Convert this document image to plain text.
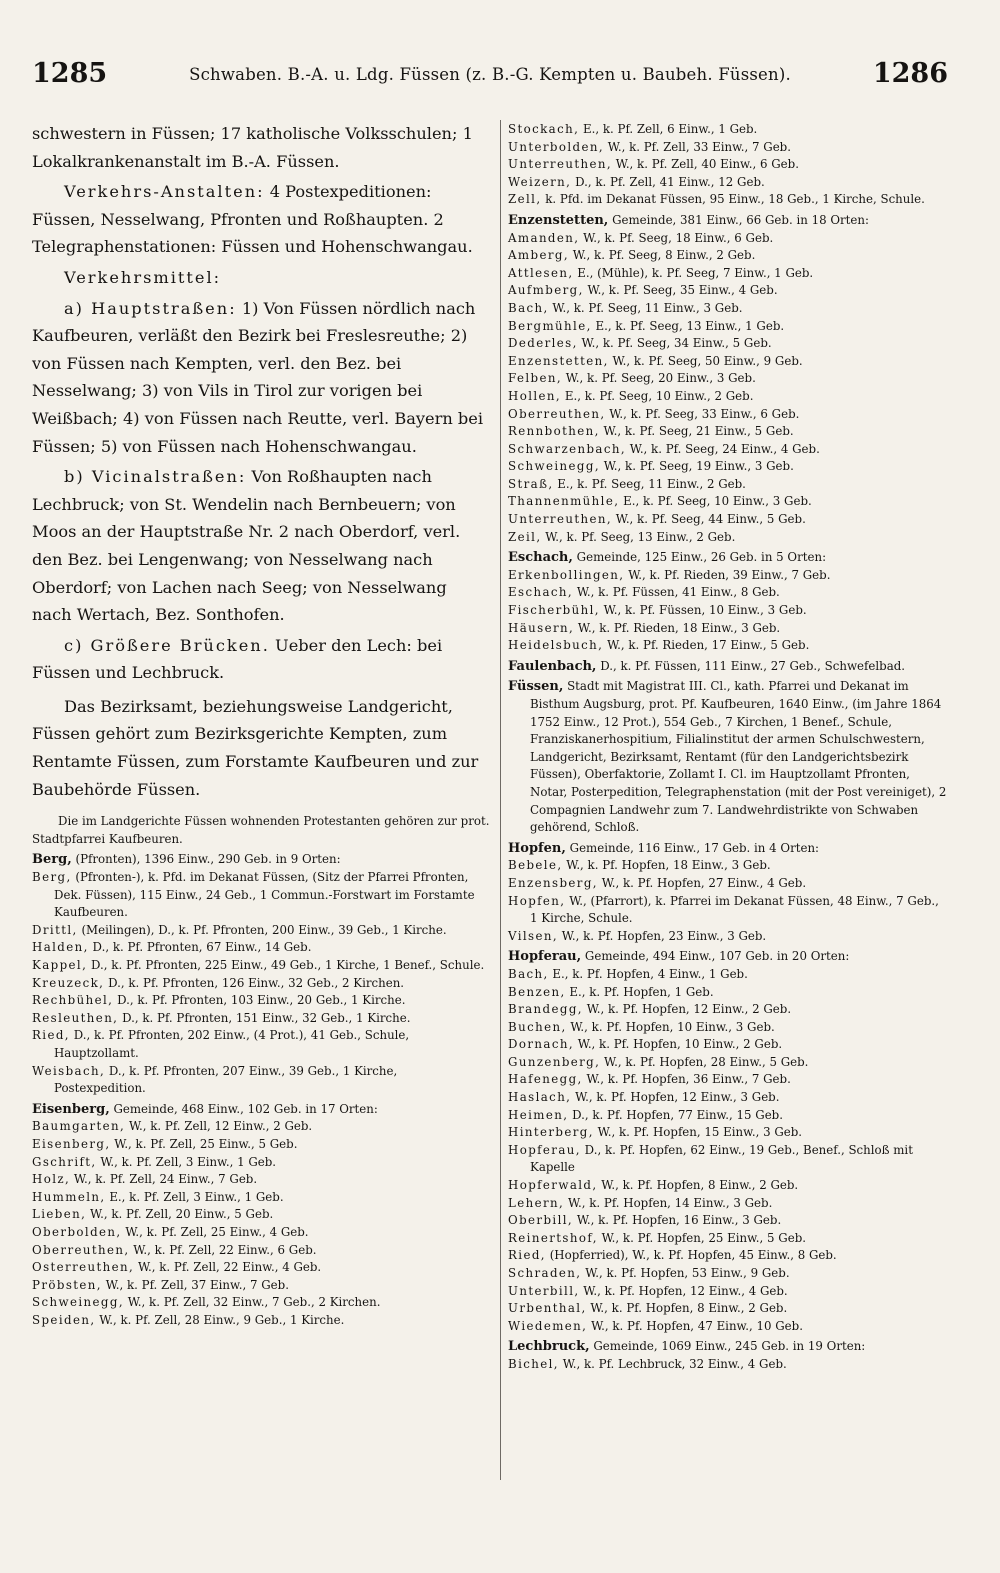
1285	Schwaben. B.-A. u. Ldg. Füssen (z. B.-G. Kempten u. Baubeh. Füssen).	1286

schwestern in Füssen; 17 katholische Volksschulen; 1 Lokalkrankenanstalt im B.-A. Füssen.

Verkehrs-Anstalten: 4 Postexpeditionen: Füssen, Nesselwang, Pfronten und Roßhaupten. 2 Telegraphenstationen: Füssen und Hohenschwangau.

Verkehrsmittel:

a) Hauptstraßen: 1) Von Füssen nördlich nach Kaufbeuren, verläßt den Bezirk bei Freslesreuthe; 2) von Füssen nach Kempten, verl. den Bez. bei Nesselwang; 3) von Vils in Tirol zur vorigen bei Weißbach; 4) von Füssen nach Reutte, verl. Bayern bei Füssen; 5) von Füssen nach Hohenschwangau.

b) Vicinalstraßen: Von Roßhaupten nach Lechbruck; von St. Wendelin nach Bernbeuern; von Moos an der Hauptstraße Nr. 2 nach Oberdorf, verl. den Bez. bei Lengenwang; von Nesselwang nach Oberdorf; von Lachen nach Seeg; von Nesselwang nach Wertach, Bez. Sonthofen.

c) Größere Brücken. Ueber den Lech: bei Füssen und Lechbruck.

Das Bezirksamt, beziehungsweise Landgericht, Füssen gehört zum Bezirksgerichte Kempten, zum Rentamte Füssen, zum Forstamte Kaufbeuren und zur Baubehörde Füssen.

Die im Landgerichte Füssen wohnenden Protestanten gehören zur prot. Stadtpfarrei Kaufbeuren.

Berg, (Pfronten), 1396 Einw., 290 Geb. in 9 Orten:

Berg, (Pfronten-), k. Pfd. im Dekanat Füssen, (Sitz der Pfarrei Pfronten, Dek. Füssen), 115 Einw., 24 Geb., 1 Commun.-Forstwart im Forstamte Kaufbeuren.
Drittl, (Meilingen), D., k. Pf. Pfronten, 200 Einw., 39 Geb., 1 Kirche.
Halden, D., k. Pf. Pfronten, 67 Einw., 14 Geb.
Kappel, D., k. Pf. Pfronten, 225 Einw., 49 Geb., 1 Kirche, 1 Benef., Schule.
Kreuzeck, D., k. Pf. Pfronten, 126 Einw., 32 Geb., 2 Kirchen.
Rechbühel, D., k. Pf. Pfronten, 103 Einw., 20 Geb., 1 Kirche.
Resleuthen, D., k. Pf. Pfronten, 151 Einw., 32 Geb., 1 Kirche.
Ried, D., k. Pf. Pfronten, 202 Einw., (4 Prot.), 41 Geb., Schule, Hauptzollamt.
Weisbach, D., k. Pf. Pfronten, 207 Einw., 39 Geb., 1 Kirche, Postexpedition.

Eisenberg, Gemeinde, 468 Einw., 102 Geb. in 17 Orten:

Baumgarten, W., k. Pf. Zell, 12 Einw., 2 Geb.
Eisenberg, W., k. Pf. Zell, 25 Einw., 5 Geb.
Gschrift, W., k. Pf. Zell, 3 Einw., 1 Geb.
Holz, W., k. Pf. Zell, 24 Einw., 7 Geb.
Hummeln, E., k. Pf. Zell, 3 Einw., 1 Geb.
Lieben, W., k. Pf. Zell, 20 Einw., 5 Geb.
Oberbolden, W., k. Pf. Zell, 25 Einw., 4 Geb.
Oberreuthen, W., k. Pf. Zell, 22 Einw., 6 Geb.
Osterreuthen, W., k. Pf. Zell, 22 Einw., 4 Geb.
Pröbsten, W., k. Pf. Zell, 37 Einw., 7 Geb.
Schweinegg, W., k. Pf. Zell, 32 Einw., 7 Geb., 2 Kirchen.
Speiden, W., k. Pf. Zell, 28 Einw., 9 Geb., 1 Kirche.
Stockach, E., k. Pf. Zell, 6 Einw., 1 Geb.
Unterbolden, W., k. Pf. Zell, 33 Einw., 7 Geb.
Unterreuthen, W., k. Pf. Zell, 40 Einw., 6 Geb.
Weizern, D., k. Pf. Zell, 41 Einw., 12 Geb.
Zell, k. Pfd. im Dekanat Füssen, 95 Einw., 18 Geb., 1 Kirche, Schule.

Enzenstetten, Gemeinde, 381 Einw., 66 Geb. in 18 Orten:

Amanden, W., k. Pf. Seeg, 18 Einw., 6 Geb.
Amberg, W., k. Pf. Seeg, 8 Einw., 2 Geb.
Attlesen, E., (Mühle), k. Pf. Seeg, 7 Einw., 1 Geb.
Aufmberg, W., k. Pf. Seeg, 35 Einw., 4 Geb.
Bach, W., k. Pf. Seeg, 11 Einw., 3 Geb.
Bergmühle, E., k. Pf. Seeg, 13 Einw., 1 Geb.
Dederles, W., k. Pf. Seeg, 34 Einw., 5 Geb.
Enzenstetten, W., k. Pf. Seeg, 50 Einw., 9 Geb.
Felben, W., k. Pf. Seeg, 20 Einw., 3 Geb.
Hollen, E., k. Pf. Seeg, 10 Einw., 2 Geb.
Oberreuthen, W., k. Pf. Seeg, 33 Einw., 6 Geb.
Rennbothen, W., k. Pf. Seeg, 21 Einw., 5 Geb.
Schwarzenbach, W., k. Pf. Seeg, 24 Einw., 4 Geb.
Schweinegg, W., k. Pf. Seeg, 19 Einw., 3 Geb.
Straß, E., k. Pf. Seeg, 11 Einw., 2 Geb.
Thannenmühle, E., k. Pf. Seeg, 10 Einw., 3 Geb.
Unterreuthen, W., k. Pf. Seeg, 44 Einw., 5 Geb.
Zeil, W., k. Pf. Seeg, 13 Einw., 2 Geb.

Eschach, Gemeinde, 125 Einw., 26 Geb. in 5 Orten:

Erkenbollingen, W., k. Pf. Rieden, 39 Einw., 7 Geb.
Eschach, W., k. Pf. Füssen, 41 Einw., 8 Geb.
Fischerbühl, W., k. Pf. Füssen, 10 Einw., 3 Geb.
Häusern, W., k. Pf. Rieden, 18 Einw., 3 Geb.
Heidelsbuch, W., k. Pf. Rieden, 17 Einw., 5 Geb.

Faulenbach, D., k. Pf. Füssen, 111 Einw., 27 Geb., Schwefelbad.

Füssen, Stadt mit Magistrat III. Cl., kath. Pfarrei und Dekanat im Bisthum Augsburg, prot. Pf. Kaufbeuren, 1640 Einw., (im Jahre 1864 1752 Einw., 12 Prot.), 554 Geb., 7 Kirchen, 1 Benef., Schule, Franziskanerhospitium, Filialinstitut der armen Schulschwestern, Landgericht, Bezirksamt, Rentamt (für den Landgerichtsbezirk Füssen), Oberfaktorie, Zollamt I. Cl. im Hauptzollamt Pfronten, Notar, Posterpedition, Telegraphenstation (mit der Post vereiniget), 2 Compagnien Landwehr zum 7. Landwehrdistrikte von Schwaben gehörend, Schloß.

Hopfen, Gemeinde, 116 Einw., 17 Geb. in 4 Orten:

Bebele, W., k. Pf. Hopfen, 18 Einw., 3 Geb.
Enzensberg, W., k. Pf. Hopfen, 27 Einw., 4 Geb.
Hopfen, W., (Pfarrort), k. Pfarrei im Dekanat Füssen, 48 Einw., 7 Geb., 1 Kirche, Schule.
Vilsen, W., k. Pf. Hopfen, 23 Einw., 3 Geb.

Hopferau, Gemeinde, 494 Einw., 107 Geb. in 20 Orten:

Bach, E., k. Pf. Hopfen, 4 Einw., 1 Geb.
Benzen, E., k. Pf. Hopfen, 1 Geb.
Brandegg, W., k. Pf. Hopfen, 12 Einw., 2 Geb.
Buchen, W., k. Pf. Hopfen, 10 Einw., 3 Geb.
Dornach, W., k. Pf. Hopfen, 10 Einw., 2 Geb.
Gunzenberg, W., k. Pf. Hopfen, 28 Einw., 5 Geb.
Hafenegg, W., k. Pf. Hopfen, 36 Einw., 7 Geb.
Haslach, W., k. Pf. Hopfen, 12 Einw., 3 Geb.
Heimen, D., k. Pf. Hopfen, 77 Einw., 15 Geb.
Hinterberg, W., k. Pf. Hopfen, 15 Einw., 3 Geb.
Hopferau, D., k. Pf. Hopfen, 62 Einw., 19 Geb., Benef., Schloß mit Kapelle
Hopferwald, W., k. Pf. Hopfen, 8 Einw., 2 Geb.
Lehern, W., k. Pf. Hopfen, 14 Einw., 3 Geb.
Oberbill, W., k. Pf. Hopfen, 16 Einw., 3 Geb.
Reinertshof, W., k. Pf. Hopfen, 25 Einw., 5 Geb.
Ried, (Hopferried), W., k. Pf. Hopfen, 45 Einw., 8 Geb.
Schraden, W., k. Pf. Hopfen, 53 Einw., 9 Geb.
Unterbill, W., k. Pf. Hopfen, 12 Einw., 4 Geb.
Urbenthal, W., k. Pf. Hopfen, 8 Einw., 2 Geb.
Wiedemen, W., k. Pf. Hopfen, 47 Einw., 10 Geb.

Lechbruck, Gemeinde, 1069 Einw., 245 Geb. in 19 Orten:

Bichel, W., k. Pf. Lechbruck, 32 Einw., 4 Geb.
